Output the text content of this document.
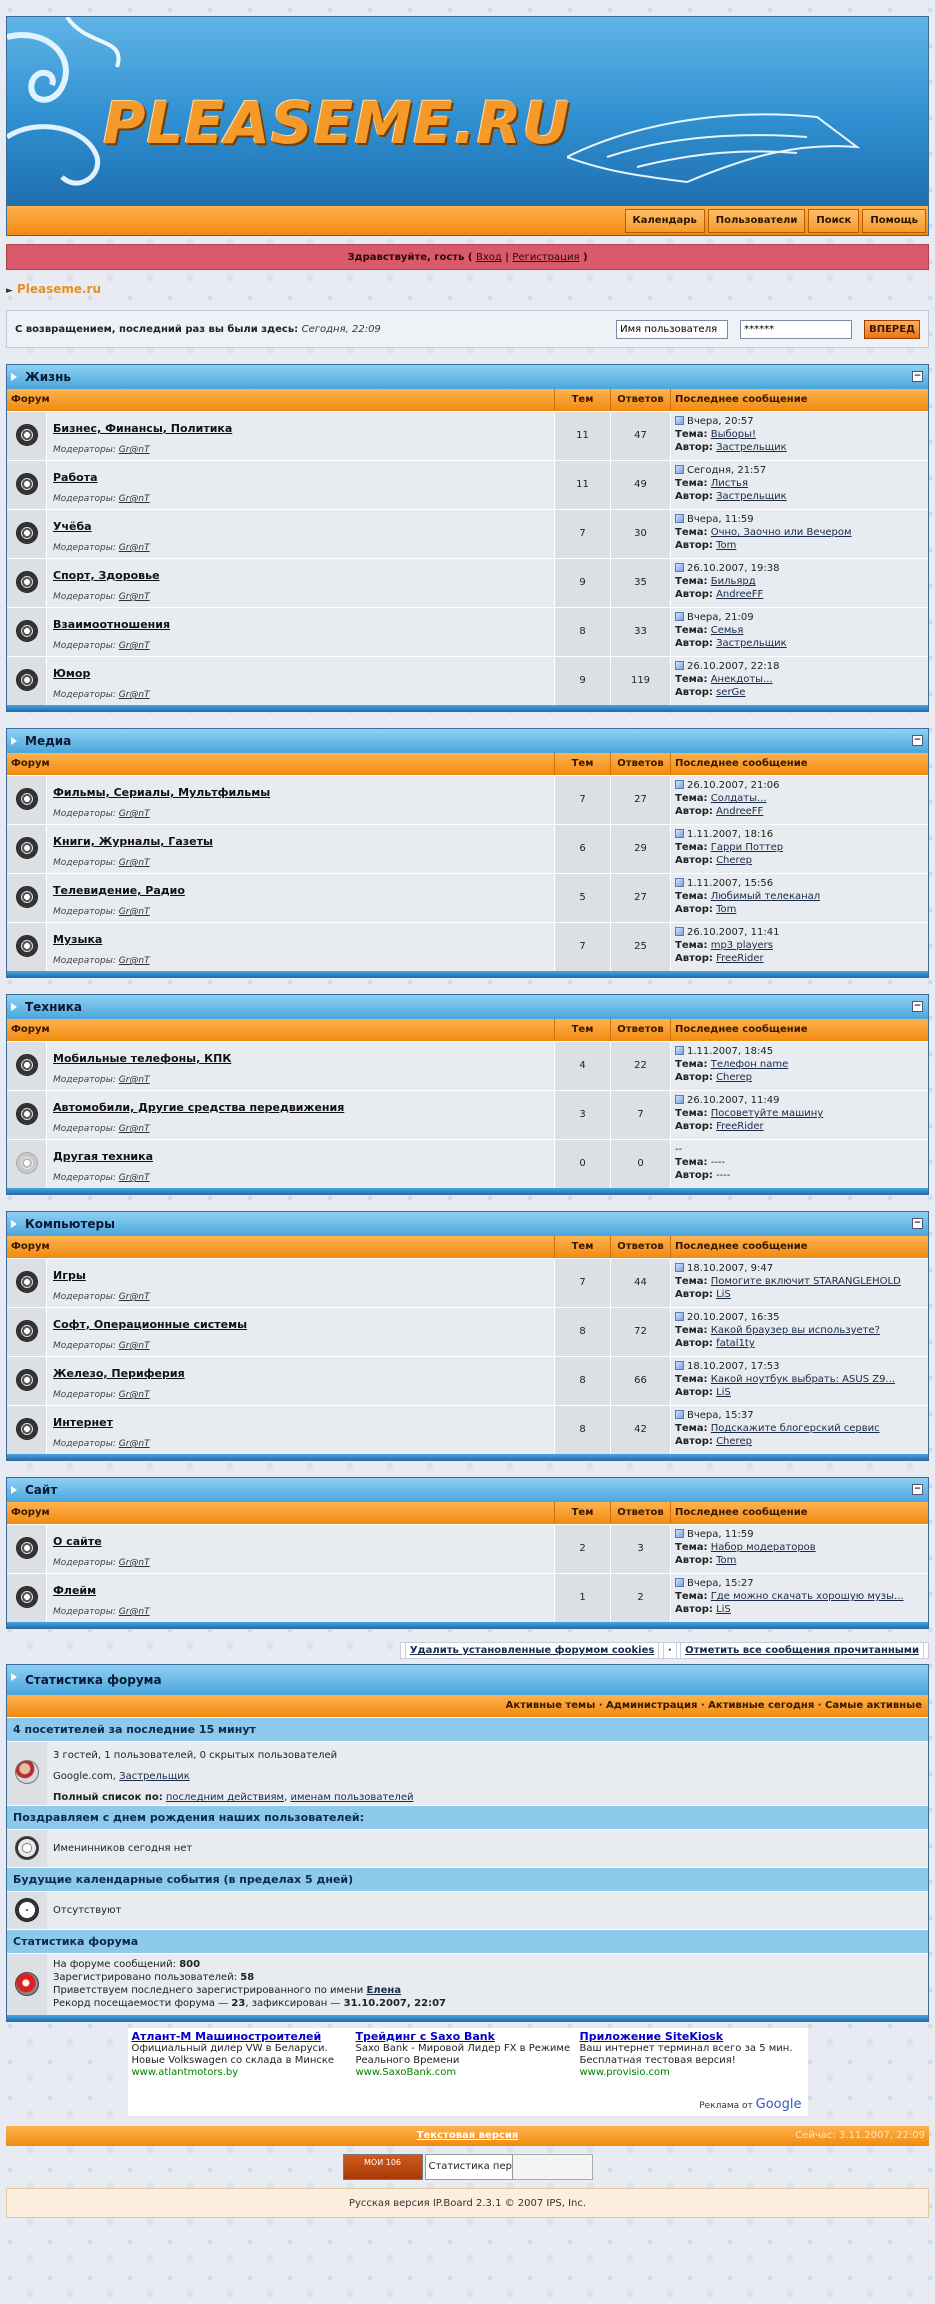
PLEASEME.RU
Календарь	Пользователи	Поиск	Помощь
Здравствуйте, гость ( Вход | Регистрация )
► Pleaseme.ru
С возвращением, последний раз вы были здесь:
Сегодня, 22:09
Имя пользователя
******	ВПЕРЕД
Жизнь	−
Форум	Тем	Ответов	Последнее сообщение
Бизнес, Финансы, Политика
Модераторы: Gr@nT
11	47
Вчера, 20:57
Тема: Выборы!
Автор: Застрельщик
Работа
Модераторы: Gr@nT
11	49
Сегодня, 21:57
Тема: Листья
Автор: Застрельщик
Учёба
Модераторы: Gr@nT
7	30
Вчера, 11:59
Тема: Очно, Заочно или Вечером
Автор: Tom
Спорт, Здоровье
Модераторы: Gr@nT
9	35
26.10.2007, 19:38
Тема: Бильярд
Автор: AndreeFF
Взаимоотношения
Модераторы: Gr@nT
8	33
Вчера, 21:09
Тема: Семья
Автор: Застрельщик
Юмор
Модераторы: Gr@nT
9	119
26.10.2007, 22:18
Тема: Анекдоты...
Автор: serGe
Медиа	−
Форум	Тем	Ответов	Последнее сообщение
Фильмы, Сериалы, Мультфильмы
Модераторы: Gr@nT
7	27
26.10.2007, 21:06
Тема: Солдаты...
Автор: AndreeFF
Книги, Журналы, Газеты
Модераторы: Gr@nT
6	29
1.11.2007, 18:16
Тема: Гарри Поттер
Автор: Cherep
Телевидение, Радио
Модераторы: Gr@nT
5	27
1.11.2007, 15:56
Тема: Любимый телеканал
Автор: Tom
Музыка
Модераторы: Gr@nT
7	25
26.10.2007, 11:41
Тема: mp3 players
Автор: FreeRider
Техника	−
Форум	Тем	Ответов	Последнее сообщение
Мобильные телефоны, КПК
Модераторы: Gr@nT
4	22
1.11.2007, 18:45
Тема: Телефон name
Автор: Cherep
Автомобили, Другие средства передвижения
Модераторы: Gr@nT
3	7
26.10.2007, 11:49
Тема: Посоветуйте машину
Автор: FreeRider
Другая техника
Модераторы: Gr@nT
0	0
--
Тема: ----
Автор: ----
Компьютеры	−
Форум	Тем	Ответов	Последнее сообщение
Игры
Модераторы: Gr@nT
7	44
18.10.2007, 9:47
Тема: Помогите включит STARANGLEHOLD
Автор: LiS
Софт, Операционные системы
Модераторы: Gr@nT
8	72
20.10.2007, 16:35
Тема: Какой браузер вы используете?
Автор: fatal1ty
Железо, Периферия
Модераторы: Gr@nT
8	66
18.10.2007, 17:53
Тема: Какой ноутбук выбрать: ASUS Z9...
Автор: LiS
Интернет
Модераторы: Gr@nT
8	42
Вчера, 15:37
Тема: Подскажите блогерский сервис
Автор: Cherep
Сайт	−
Форум	Тем	Ответов	Последнее сообщение
О сайте
Модераторы: Gr@nT
2	3
Вчера, 11:59
Тема: Набор модераторов
Автор: Tom
Флейм
Модераторы: Gr@nT
1	2
Вчера, 15:27
Тема: Где можно скачать хорошую музы...
Автор: LiS
Удалить установленные форумом cookies · Отметить все сообщения прочитанными
Статистика форума
Активные темы · Администрация · Активные сегодня · Самые активные
4 посетителей за последние 15 минут
3 гостей, 1 пользователей, 0 скрытых пользователей
Google.com, Застрельщик
Полный список по: последним действиям, именам пользователей
Поздравляем с днем рождения наших пользователей:
Именинников сегодня нет
Будущие календарные события (в пределах 5 дней)
Отсутствуют
Статистика форума
На форуме сообщений: 800
Зарегистрировано пользователей: 58
Приветствуем последнего зарегистрированного по имени Елена
Рекорд посещаемости форума — 23, зафиксирован — 31.10.2007, 22:07
Атлант-М Машиностроителей
Официальный дилер VW в Беларуси.
Новые Volkswagen со склада в Минске
www.atlantmotors.by
Трейдинг с Saxo Bank
Saxo Bank - Мировой Лидер FX в Режиме
Реального Времени
www.SaxoBank.com
Приложение SiteKiosk
Ваш интернет терминал всего за 5 мин.
Бесплатная тестовая версия!
www.provisio.com
Реклама от Google
Текстовая версия	Сейчас: 3.11.2007, 22:09
МОИ 106	Статистика пер
Русская версия IP.Board 2.3.1 © 2007 IPS, Inc.
